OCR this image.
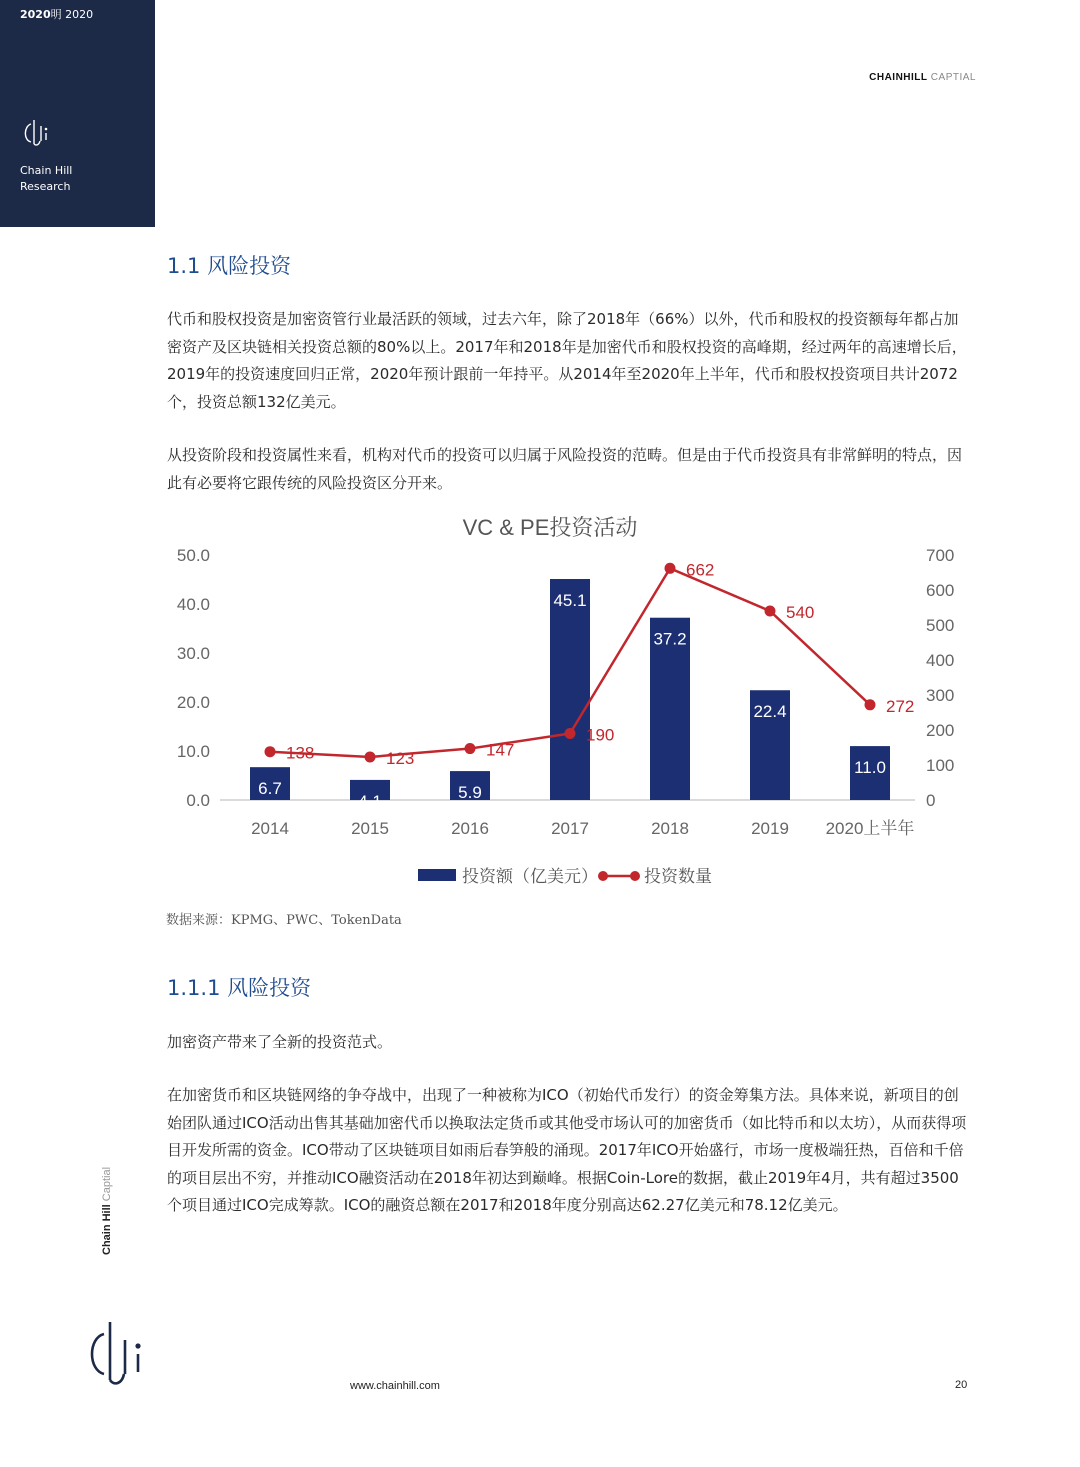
2020明 2020
Chain Hill
Research
CHAINHILL CAPTIAL
1.1 风险投资

代币和股权投资是加密资管行业最活跃的领域，过去六年，除了2018年（66%）以外，代币和股权的投资额每年都占加密资产及区块链相关投资总额的80%以上。2017年和2018年是加密代币和股权投资的高峰期，经过两年的高速增长后，2019年的投资速度回归正常，2020年预计跟前一年持平。从2014年至2020年上半年，代币和股权投资项目共计2072个，投资总额132亿美元。

从投资阶段和投资属性来看，机构对代币的投资可以归属于风险投资的范畴。但是由于代币投资具有非常鲜明的特点，因此有必要将它跟传统的风险投资区分开来。

VC & PE投资活动
0.0
10.0
20.0
30.0
40.0
50.0
0
100
200
300
400
500
600
700
6.7
4.1	5.9
45.1
37.2
22.4
11.0
2014	2015	2016	2017	2018	2019 2020上半年
138	123	147
190
662
540
272
投资额（亿美元）	投资数量
数据来源：KPMG、PWC、TokenData
1.1.1 风险投资

加密资产带来了全新的投资范式。

在加密货币和区块链网络的争夺战中，出现了一种被称为ICO（初始代币发行）的资金筹集方法。具体来说，新项目的创始团队通过ICO活动出售其基础加密代币以换取法定货币或其他受市场认可的加密货币（如比特币和以太坊），从而获得项目开发所需的资金。ICO带动了区块链项目如雨后春笋般的涌现。2017年ICO开始盛行，市场一度极端狂热，百倍和千倍的项目层出不穷，并推动ICO融资活动在2018年初达到巅峰。根据Coin-Lore的数据，截止2019年4月，共有超过3500个项目通过ICO完成筹款。ICO的融资总额在2017和2018年度分别高达62.27亿美元和78.12亿美元。

Chain Hill Captial
www.chainhill.com	20
